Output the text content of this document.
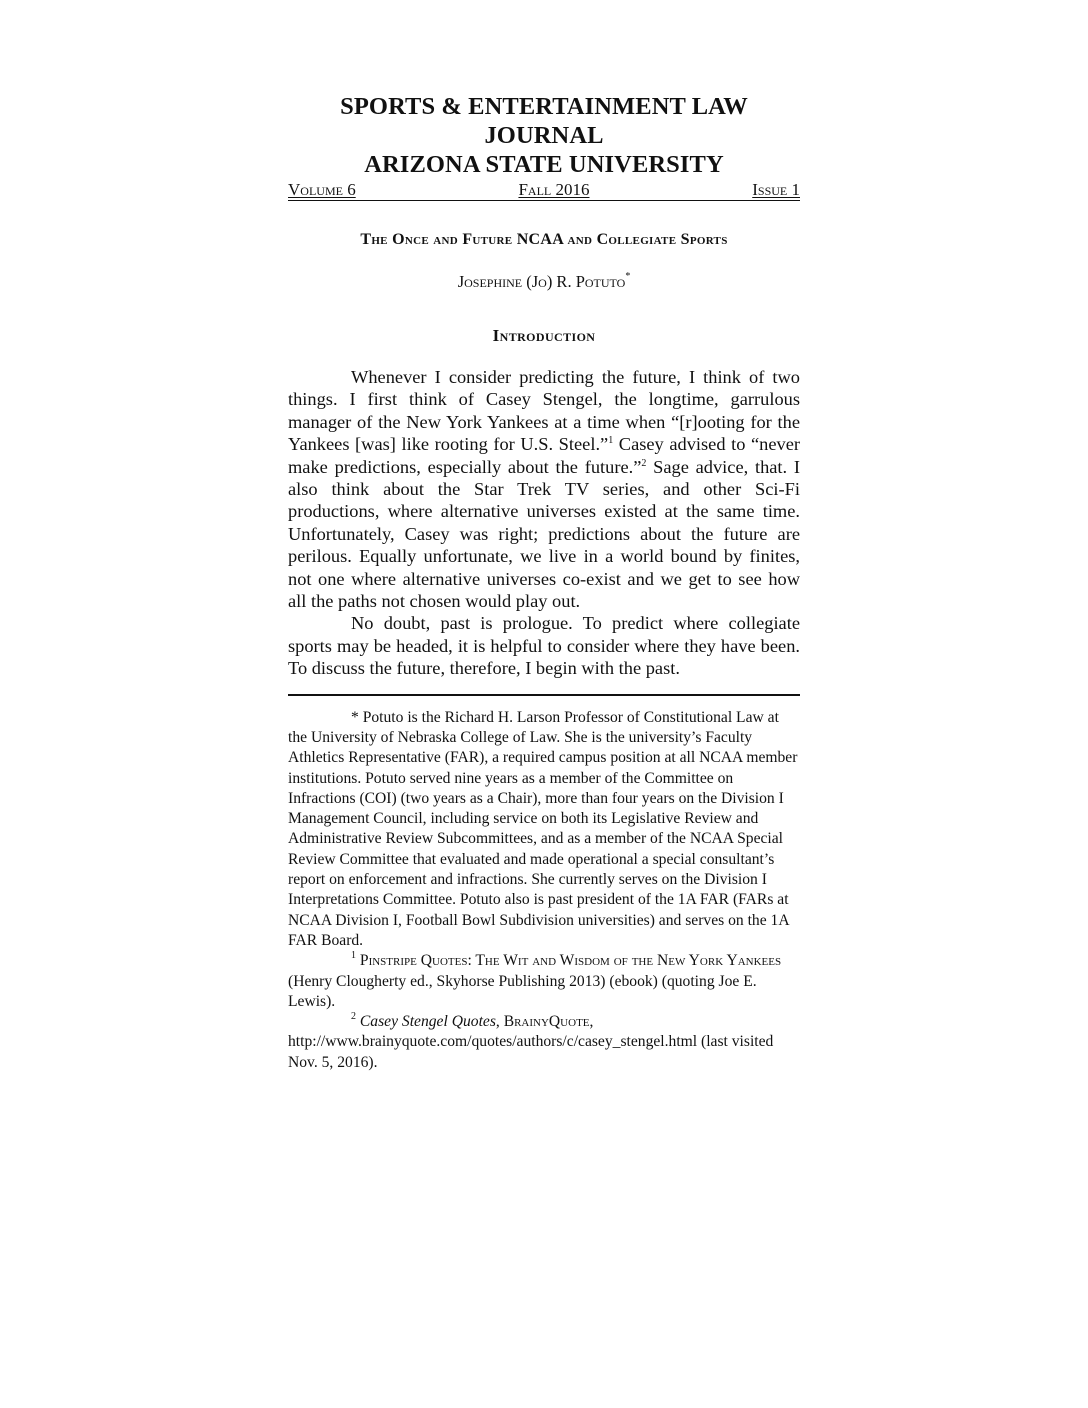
SPORTS & ENTERTAINMENT LAW JOURNAL
ARIZONA STATE UNIVERSITY
Volume 6	Fall 2016	Issue 1
The Once and Future NCAA and Collegiate Sports
Josephine (Jo) R. Potuto*
Introduction

Whenever I consider predicting the future, I think of two things. I first think of Casey Stengel, the longtime, garrulous manager of the New York Yankees at a time when “[r]ooting for the Yankees [was] like rooting for U.S. Steel.”$^1$ Casey advised to “never make predictions, especially about the future.”$^2$ Sage advice, that. I also think about the Star Trek TV series, and other Sci-Fi productions, where alternative universes existed at the same time. Unfortunately, Casey was right; predictions about the future are perilous. Equally unfortunate, we live in a world bound by finites, not one where alternative universes co-exist and we get to see how all the paths not chosen would play out.

No doubt, past is prologue. To predict where collegiate sports may be headed, it is helpful to consider where they have been. To discuss the future, therefore, I begin with the past.

* Potuto is the Richard H. Larson Professor of Constitutional Law at the University of Nebraska College of Law. She is the university’s Faculty Athletics Representative (FAR), a required campus position at all NCAA member institutions. Potuto served nine years as a member of the Committee on Infractions (COI) (two years as a Chair), more than four years on the Division I Management Council, including service on both its Legislative Review and Administrative Review Subcommittees, and as a member of the NCAA Special Review Committee that evaluated and made operational a special consultant’s report on enforcement and infractions. She currently serves on the Division I Interpretations Committee. Potuto also is past president of the 1A FAR (FARs at NCAA Division I, Football Bowl Subdivision universities) and serves on the 1A FAR Board.

$^1$ Pinstripe Quotes: The Wit and Wisdom of the New York Yankees (Henry Clougherty ed., Skyhorse Publishing 2013) (ebook) (quoting Joe E. Lewis).

$^2$ Casey Stengel Quotes, BrainyQuote, http://www.brainyquote.com/quotes/authors/c/casey_stengel.html (last visited Nov. 5, 2016).
